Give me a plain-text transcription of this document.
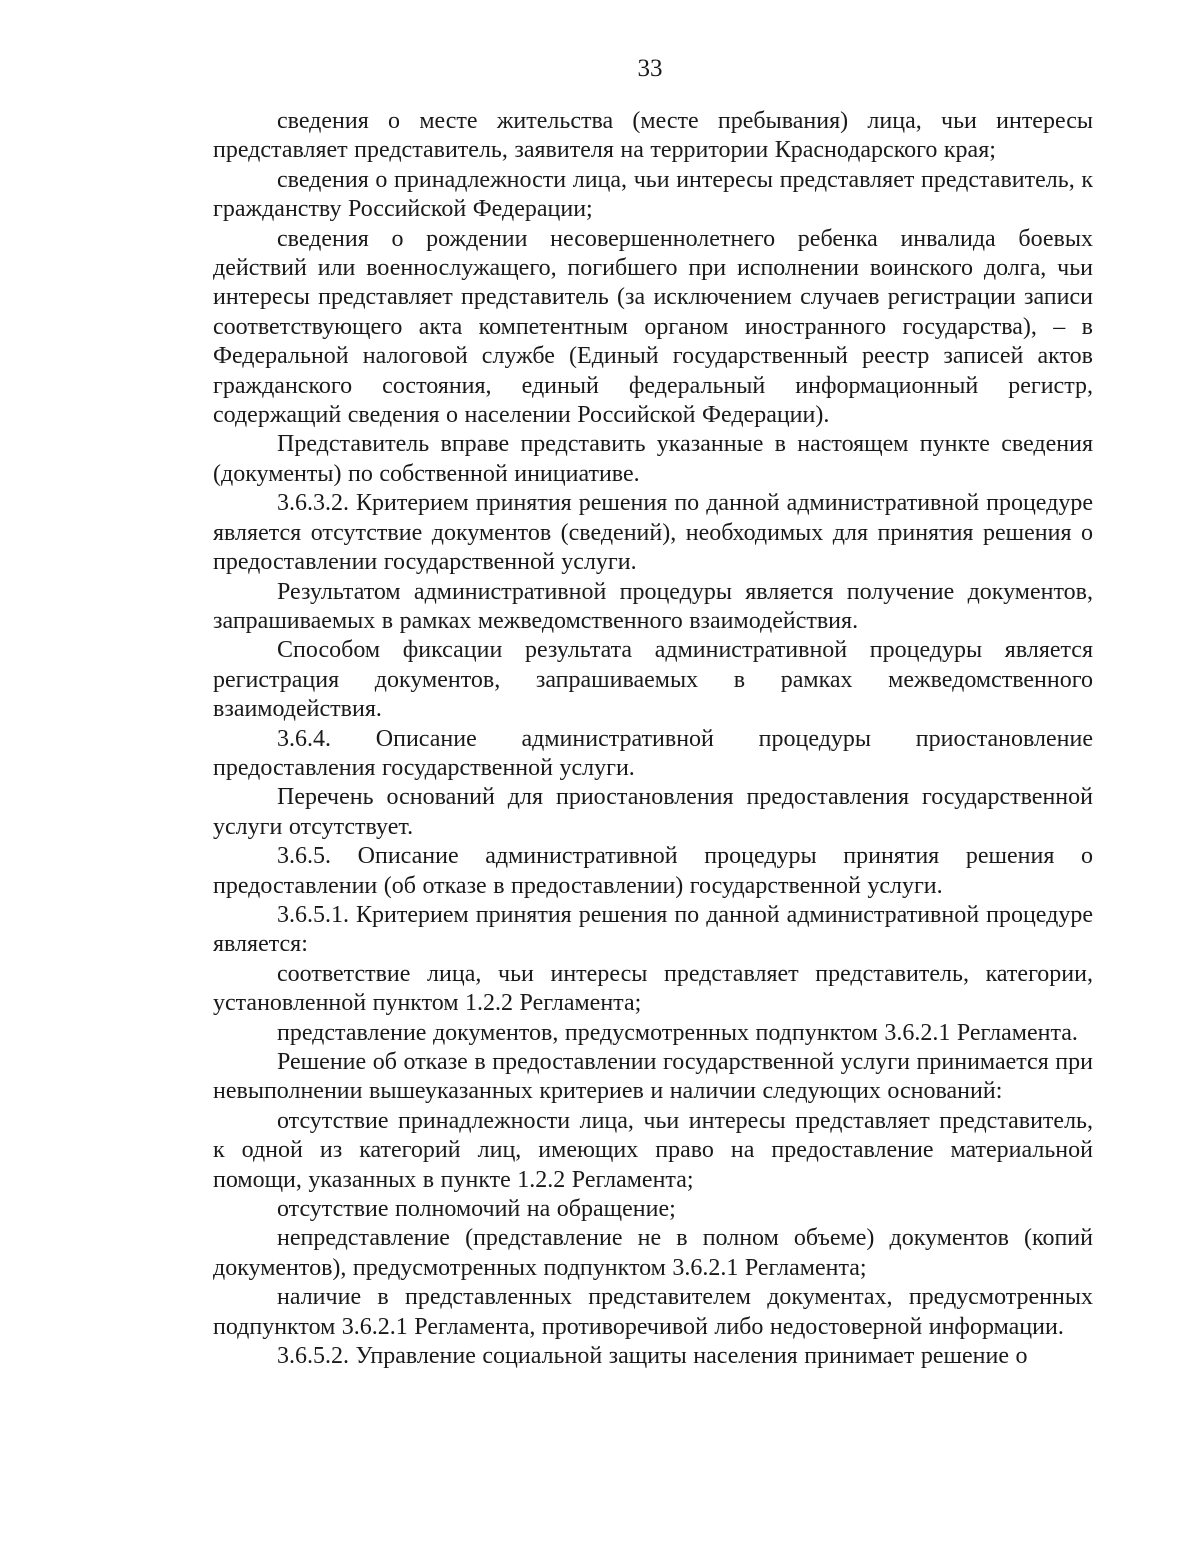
33

сведения о месте жительства (месте пребывания) лица, чьи интересы представляет представитель, заявителя на территории Краснодарского края;

сведения о принадлежности лица, чьи интересы представляет представитель, к гражданству Российской Федерации;

сведения о рождении несовершеннолетнего ребенка инвалида боевых действий или военнослужащего, погибшего при исполнении воинского долга, чьи интересы представляет представитель (за исключением случаев регистрации записи соответствующего акта компетентным органом иностранного государства), – в Федеральной налоговой службе (Единый государственный реестр записей актов гражданского состояния, единый федеральный информационный регистр, содержащий сведения о населении Российской Федерации).

Представитель вправе представить указанные в настоящем пункте сведения (документы) по собственной инициативе.

3.6.3.2. Критерием принятия решения по данной административной процедуре является отсутствие документов (сведений), необходимых для принятия решения о предоставлении государственной услуги.

Результатом административной процедуры является получение документов, запрашиваемых в рамках межведомственного взаимодействия.

Способом фиксации результата административной процедуры является регистрация документов, запрашиваемых в рамках межведомственного взаимодействия.

3.6.4. Описание административной процедуры приостановление предоставления государственной услуги.

Перечень оснований для приостановления предоставления государственной услуги отсутствует.

3.6.5. Описание административной процедуры принятия решения о предоставлении (об отказе в предоставлении) государственной услуги.

3.6.5.1. Критерием принятия решения по данной административной процедуре является:

соответствие лица, чьи интересы представляет представитель, категории, установленной пунктом 1.2.2 Регламента;

представление документов, предусмотренных подпунктом 3.6.2.1 Регламента.

Решение об отказе в предоставлении государственной услуги принимается при невыполнении вышеуказанных критериев и наличии следующих оснований:

отсутствие принадлежности лица, чьи интересы представляет представитель, к одной из категорий лиц, имеющих право на предоставление материальной помощи, указанных в пункте 1.2.2 Регламента;

отсутствие полномочий на обращение;

непредставление (представление не в полном объеме) документов (копий документов), предусмотренных подпунктом 3.6.2.1 Регламента;

наличие в представленных представителем документах, предусмотренных подпунктом 3.6.2.1 Регламента, противоречивой либо недостоверной информации.

3.6.5.2. Управление социальной защиты населения принимает решение о
